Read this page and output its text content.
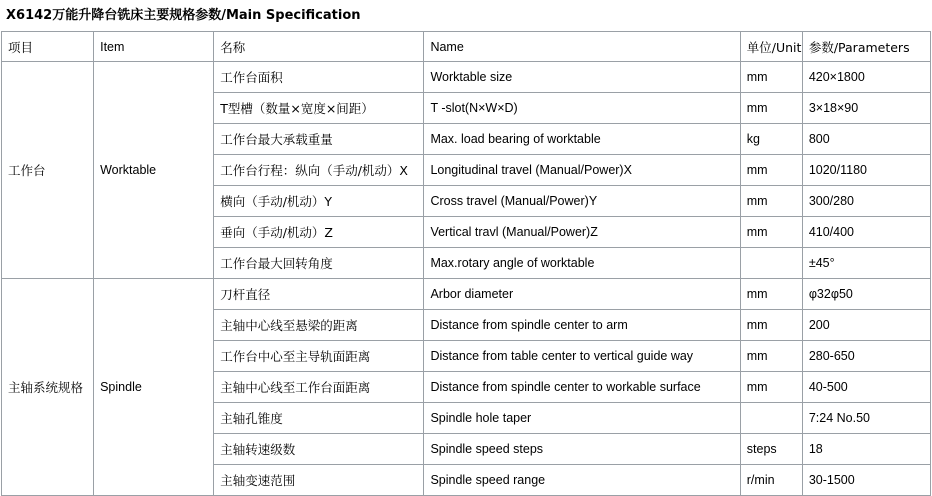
X6142万能升降台铣床主要规格参数/Main Specification
项目	Item	名称	Name	单位/Unit	参数/Parameters
工作台	Worktable	工作台面积	Worktable size	mm	420×1800
		T型槽（数量×宽度×间距）	T -slot(N×W×D)	mm	3×18×90
		工作台最大承载重量	Max. load bearing of worktable	kg	800
		工作台行程：纵向（手动/机动）X	Longitudinal travel (Manual/Power)X	mm	1020/1180
		横向（手动/机动）Y	Cross travel (Manual/Power)Y	mm	300/280
		垂向（手动/机动）Z	Vertical travl (Manual/Power)Z	mm	410/400
		工作台最大回转角度	Max.rotary angle of worktable		±45°
主轴系统规格	Spindle	刀杆直径	Arbor diameter	mm	φ32φ50
		主轴中心线至悬梁的距离	Distance from spindle center to arm	mm	200
		工作台中心至主导轨面距离	Distance from table center to vertical guide way	mm	280-650
		主轴中心线至工作台面距离	Distance from spindle center to workable surface	mm	40-500
		主轴孔锥度	Spindle hole taper		7:24 No.50
		主轴转速级数	Spindle speed steps	steps	18
		主轴变速范围	Spindle speed range	r/min	30-1500
